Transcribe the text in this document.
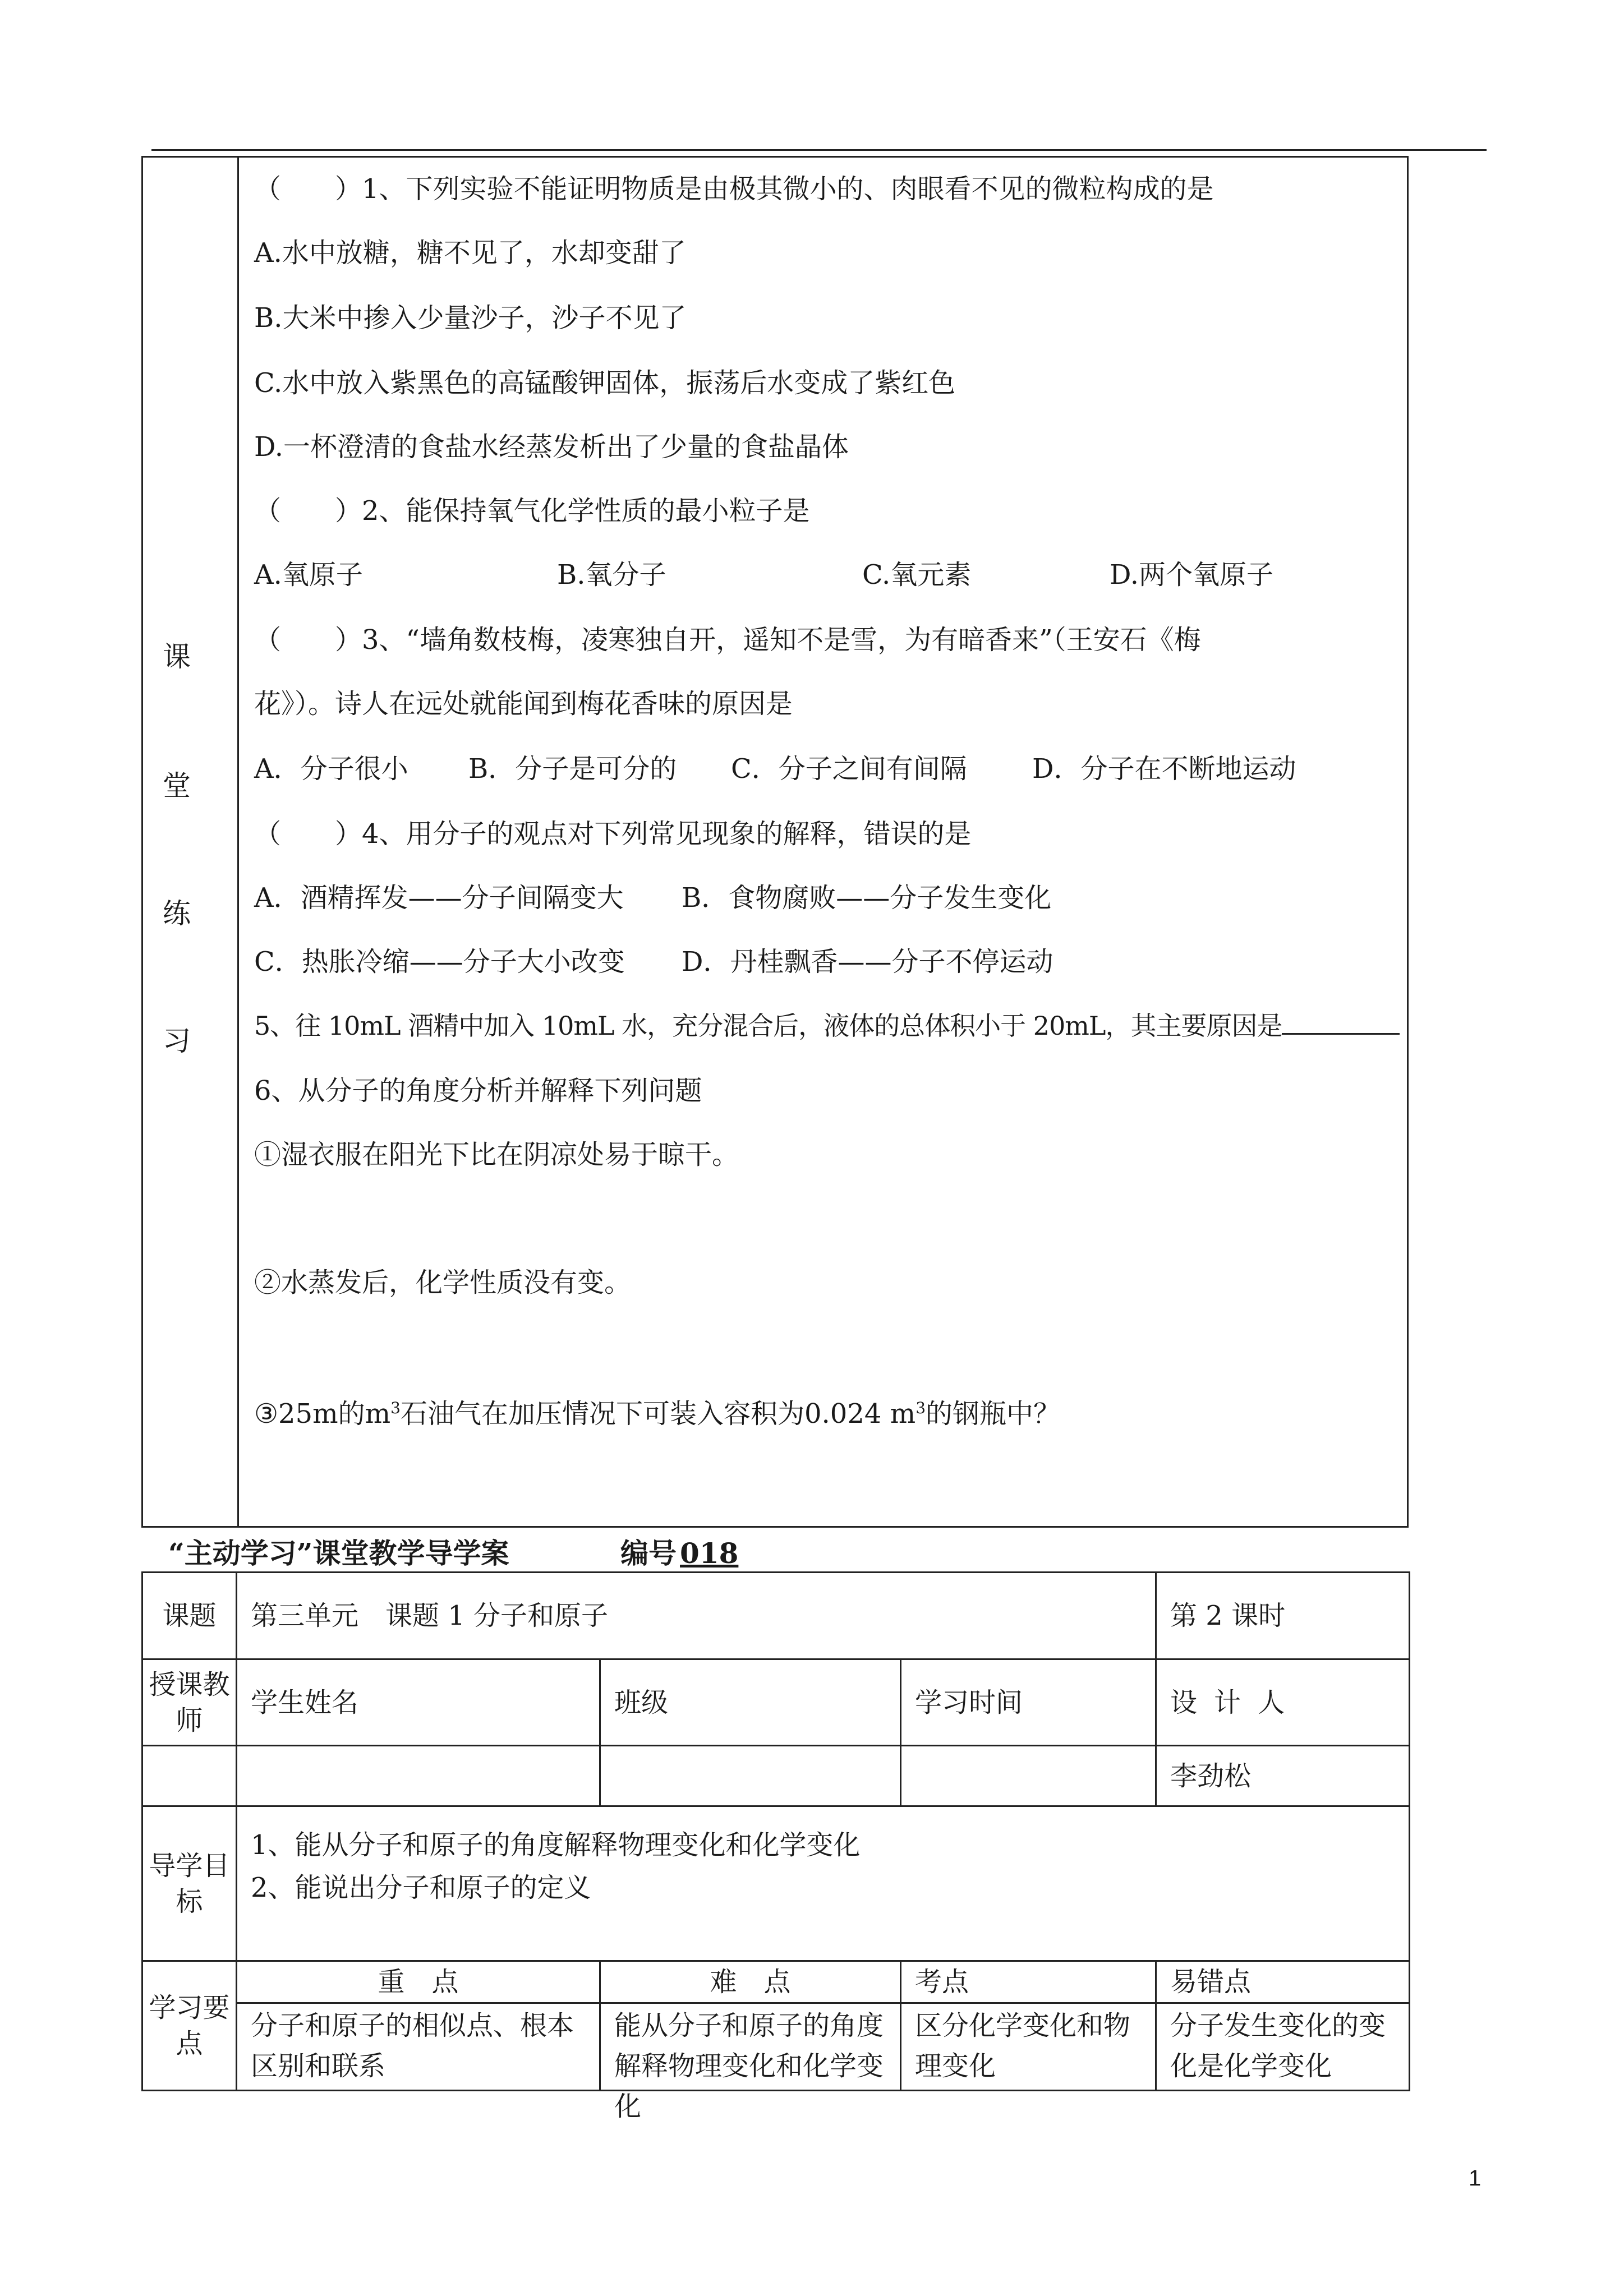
课
堂
练
习
（　　）1、下列实验不能证明物质是由极其微小的、肉眼看不见的微粒构成的是
A.水中放糖，糖不见了，水却变甜了
B.大米中掺入少量沙子，沙子不见了
C.水中放入紫黑色的高锰酸钾固体，振荡后水变成了紫红色
D.一杯澄清的食盐水经蒸发析出了少量的食盐晶体
（　　）2、能保持氧气化学性质的最小粒子是
A.氧原子	B.氧分子	C.氧元素	D.两个氧原子
（　　）3、“墙角数枝梅，凌寒独自开，遥知不是雪，为有暗香来”（王安石《梅
花》）。诗人在远处就能闻到梅花香味的原因是
A．分子很小 B．分子是可分的 C．分子之间有间隔 D．分子在不断地运动
（　　）4、用分子的观点对下列常见现象的解释，错误的是
A．酒精挥发——分子间隔变大 B．食物腐败——分子发生变化
C．热胀冷缩——分子大小改变 D．丹桂飘香——分子不停运动
5、往 10mL 酒精中加入 10mL 水，充分混合后，液体的总体积小于 20mL，其主要原因是
6、从分子的角度分析并解释下列问题
①湿衣服在阳光下比在阴凉处易于晾干。
②水蒸发后，化学性质没有变。
③25m的$m^3$石油气在加压情况下可装入容积为0.024 $m^3$的钢瓶中？
“主动学习”课堂教学导学案	编号 018
课题	第三单元　课题 1 分子和原子			第 2 课时
授课教师	学生姓名	班级	学习时间	设计人
				李劲松
导学目标	1、能从分子和原子的角度解释物理变化和化学变化
2、能说出分子和原子的定义			

学习要点	重　点	难　点	考点	易错点

	分子和原子的相似点、根本区别和联系	能从分子和原子的角度解释物理变化和化学变化	区分化学变化和物理变化	分子发生变化的变化是化学变化
1
